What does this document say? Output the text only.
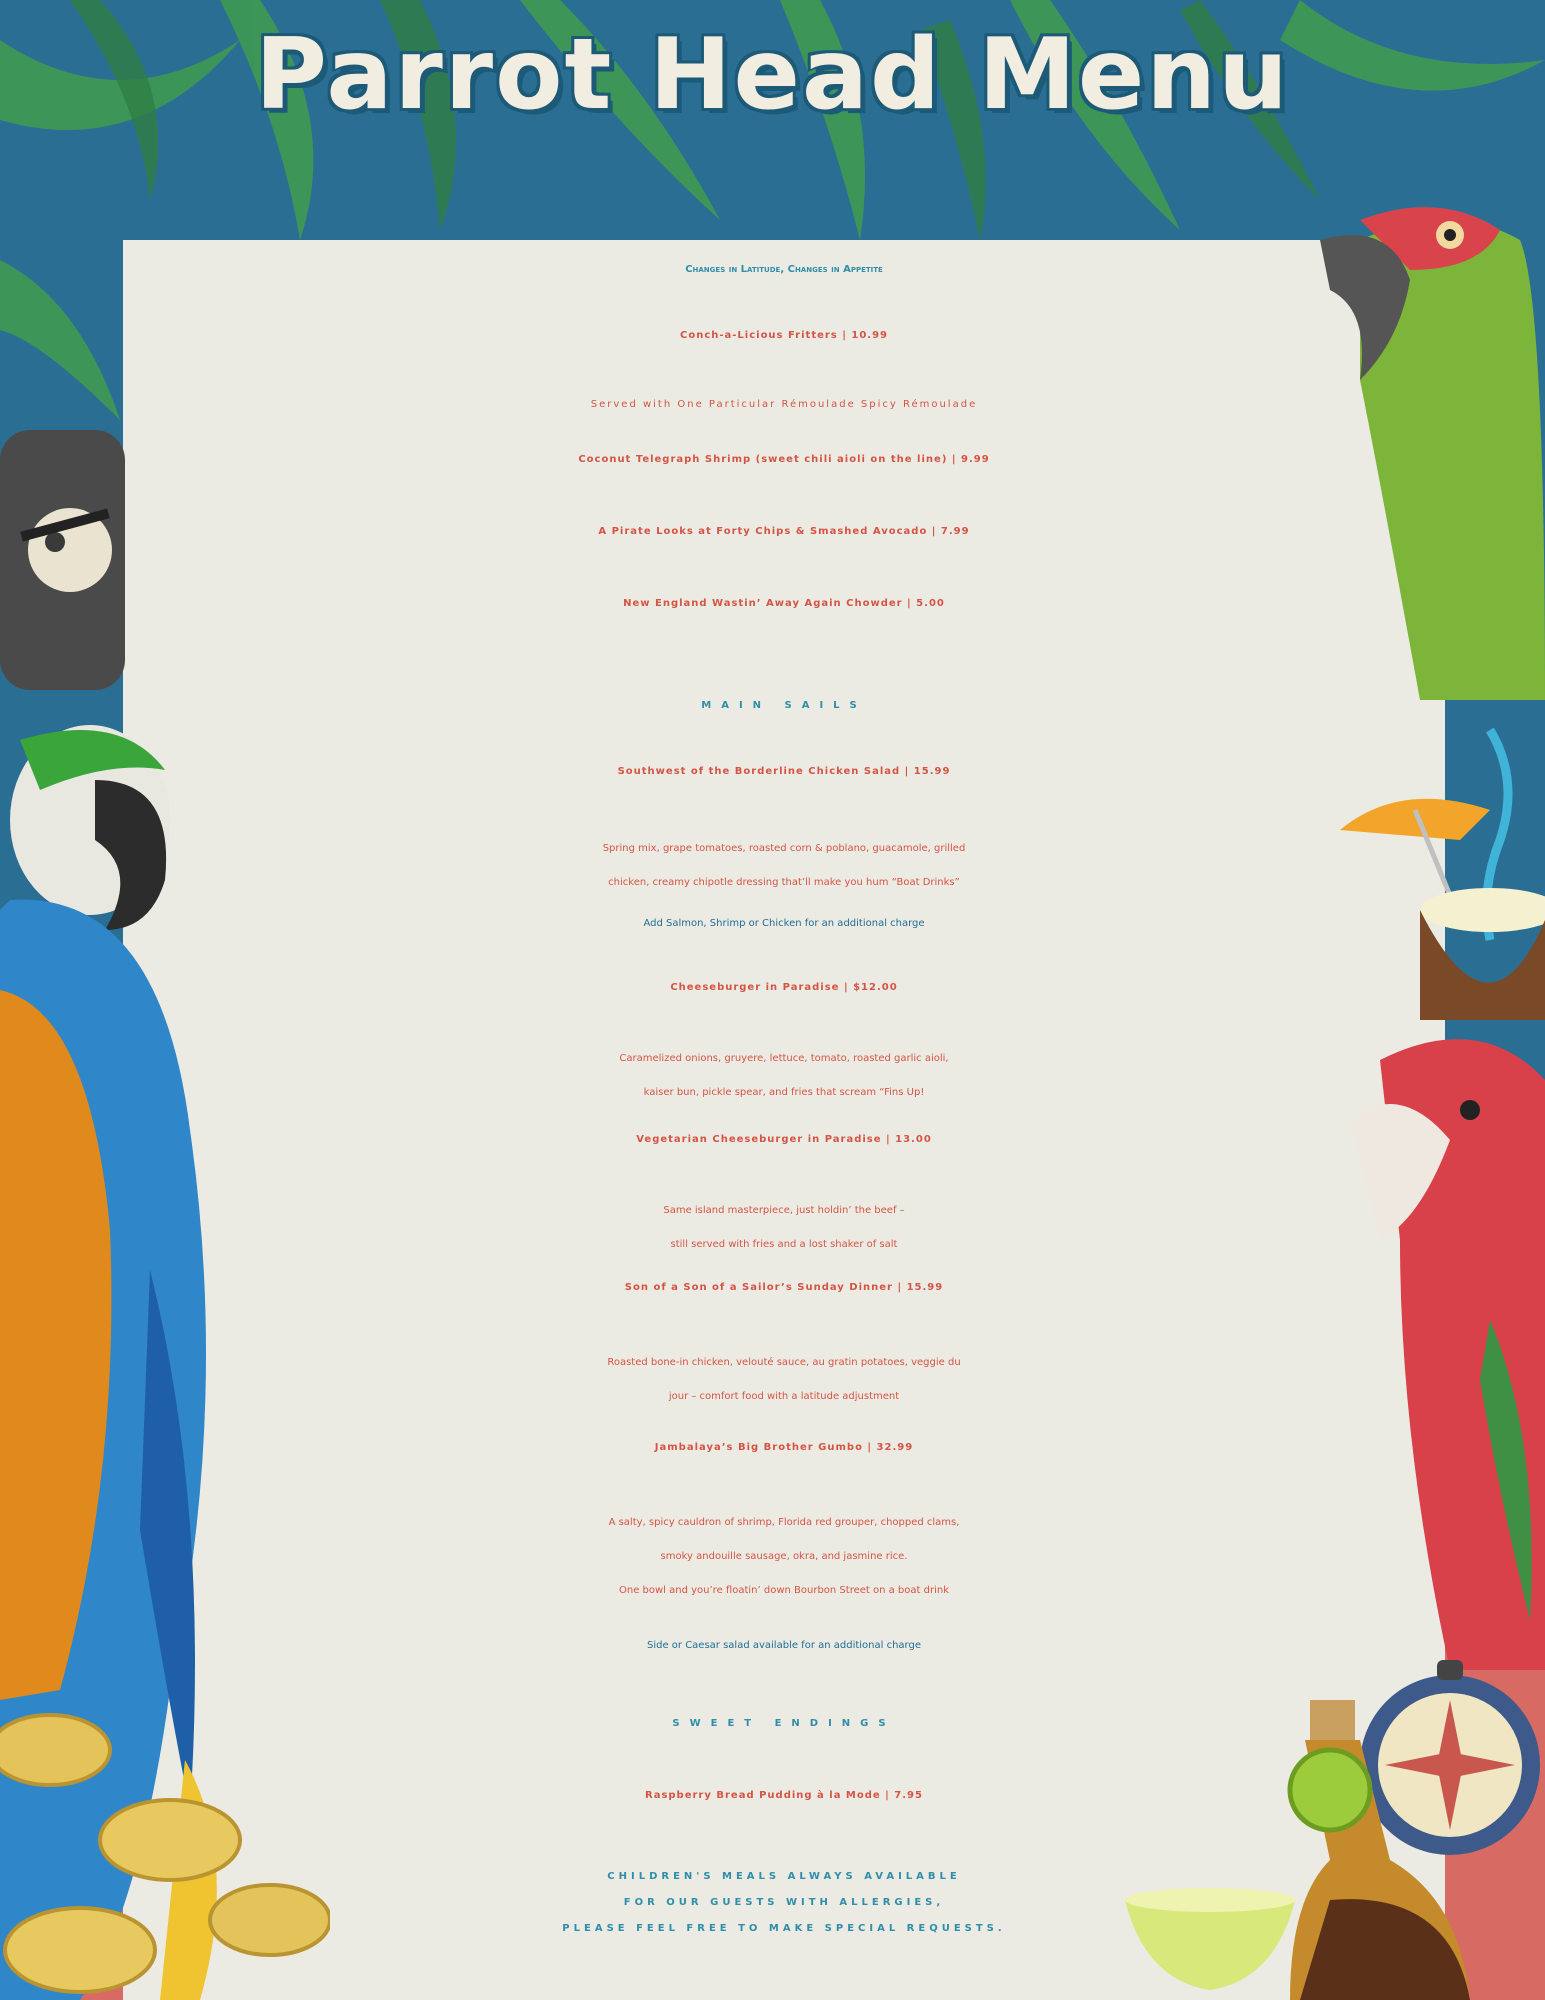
Parrot Head Menu
Changes in Latitude, Changes in Appetite
Conch-a-Licious Fritters | 10.99
Served with One Particular Rémoulade Spicy Rémoulade
Coconut Telegraph Shrimp (sweet chili aioli on the line) | 9.99
A Pirate Looks at Forty Chips & Smashed Avocado | 7.99
New England Wastin’ Away Again Chowder | 5.00
MAIN SAILS
Southwest of the Borderline Chicken Salad | 15.99
Spring mix, grape tomatoes, roasted corn & poblano, guacamole, grilled
chicken, creamy chipotle dressing that’ll make you hum “Boat Drinks”
Add Salmon, Shrimp or Chicken for an additional charge
Cheeseburger in Paradise | $12.00
Caramelized onions, gruyere, lettuce, tomato, roasted garlic aioli,
kaiser bun, pickle spear, and fries that scream “Fins Up!
Vegetarian Cheeseburger in Paradise | 13.00
Same island masterpiece, just holdin’ the beef –
still served with fries and a lost shaker of salt
Son of a Son of a Sailor’s Sunday Dinner | 15.99
Roasted bone-in chicken, velouté sauce, au gratin potatoes, veggie du
jour – comfort food with a latitude adjustment
Jambalaya’s Big Brother Gumbo | 32.99
A salty, spicy cauldron of shrimp, Florida red grouper, chopped clams,
smoky andouille sausage, okra, and jasmine rice.
One bowl and you’re floatin’ down Bourbon Street on a boat drink
Side or Caesar salad available for an additional charge
SWEET ENDINGS
Raspberry Bread Pudding à la Mode | 7.95
CHILDREN'S MEALS ALWAYS AVAILABLE
FOR OUR GUESTS WITH ALLERGIES,
PLEASE FEEL FREE TO MAKE SPECIAL REQUESTS.
